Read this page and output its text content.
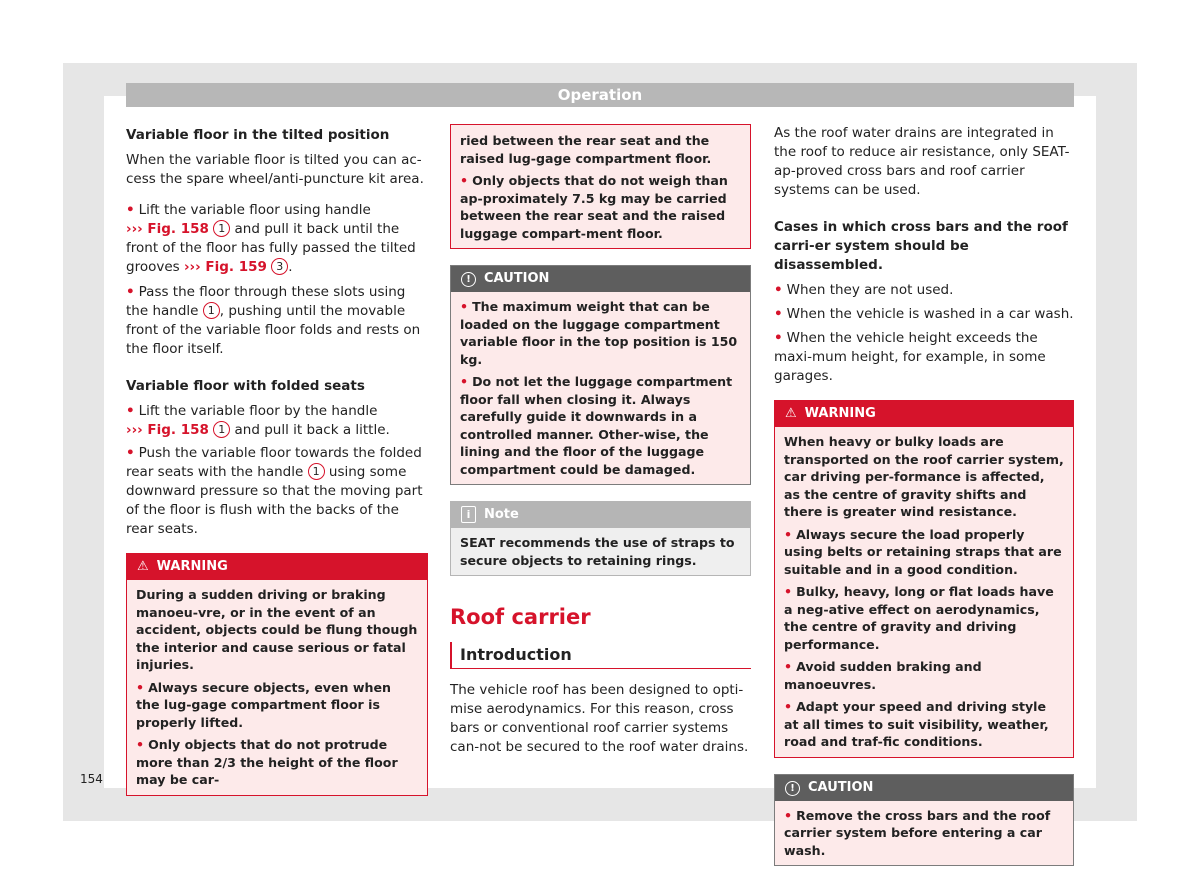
Operation

Variable floor in the tilted position

When the variable floor is tilted you can ac-cess the spare wheel/anti-puncture kit area.

• Lift the variable floor using handle
››› Fig. 158 1 and pull it back until the front of the floor has fully passed the tilted grooves ››› Fig. 159 3 .

• Pass the floor through these slots using the handle 1 , pushing until the movable front of the variable floor folds and rests on the floor itself.

Variable floor with folded seats

• Lift the variable floor by the handle
››› Fig. 158 1 and pull it back a little.

• Push the variable floor towards the folded rear seats with the handle 1 using some downward pressure so that the moving part of the floor is flush with the backs of the rear seats.

⚠ WARNING

During a sudden driving or braking manoeu-vre, or in the event of an accident, objects could be flung though the interior and cause serious or fatal injuries.

• Always secure objects, even when the lug-gage compartment floor is properly lifted.

• Only objects that do not protrude more than 2/3 the height of the floor may be car-

ried between the rear seat and the raised lug-gage compartment floor.

• Only objects that do not weigh than ap-proximately 7.5 kg may be carried between the rear seat and the raised luggage compart-ment floor.

! CAUTION

• The maximum weight that can be loaded on the luggage compartment variable floor in the top position is 150 kg.

• Do not let the luggage compartment floor fall when closing it. Always carefully guide it downwards in a controlled manner. Other-wise, the lining and the floor of the luggage compartment could be damaged.

i Note

SEAT recommends the use of straps to secure objects to retaining rings.

Roof carrier

Introduction

The vehicle roof has been designed to opti-mise aerodynamics. For this reason, cross bars or conventional roof carrier systems can-not be secured to the roof water drains.

As the roof water drains are integrated in the roof to reduce air resistance, only SEAT-ap-proved cross bars and roof carrier systems can be used.

Cases in which cross bars and the roof carri-er system should be disassembled.

• When they are not used.

• When the vehicle is washed in a car wash.

• When the vehicle height exceeds the maxi-mum height, for example, in some garages.

⚠ WARNING

When heavy or bulky loads are transported on the roof carrier system, car driving per-formance is affected, as the centre of gravity shifts and there is greater wind resistance.

• Always secure the load properly using belts or retaining straps that are suitable and in a good condition.

• Bulky, heavy, long or flat loads have a neg-ative effect on aerodynamics, the centre of gravity and driving performance.

• Avoid sudden braking and manoeuvres.

• Adapt your speed and driving style at all times to suit visibility, weather, road and traf-fic conditions.

! CAUTION

• Remove the cross bars and the roof carrier system before entering a car wash.

154
